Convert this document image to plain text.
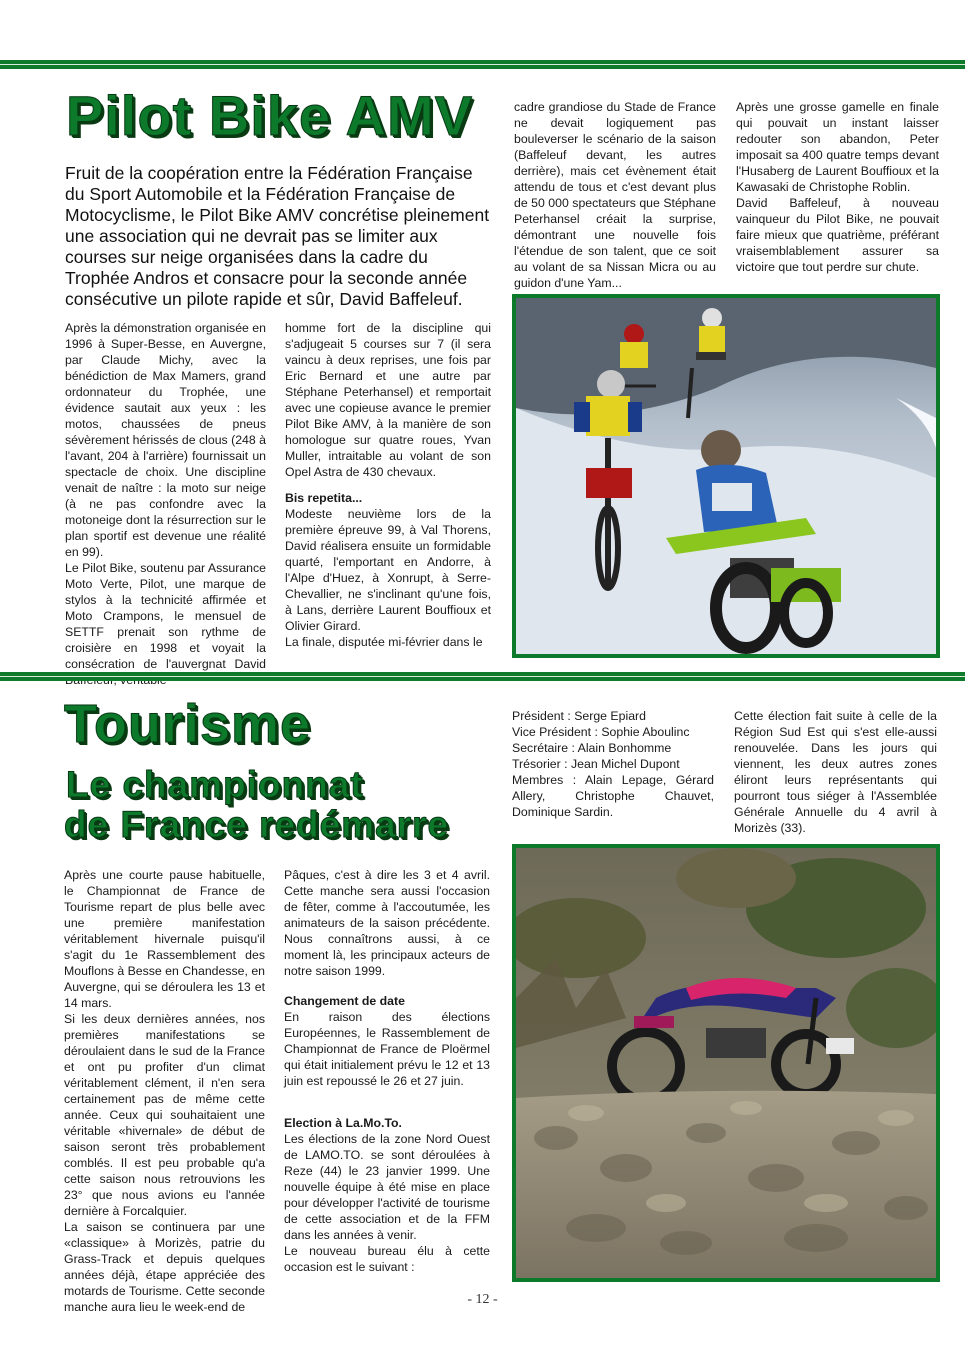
Pilot Bike AMV
Fruit de la coopération entre la Fédération Française du Sport Automobile et la Fédération Française de Motocyclisme, le Pilot Bike AMV concrétise pleinement une association qui ne devrait pas se limiter aux courses sur neige organisées dans la cadre du Trophée Andros et consacre pour la seconde année consécutive un pilote rapide et sûr, David Baffeleuf.

Après la démonstration organisée en 1996 à Super-Besse, en Auvergne, par Claude Michy, avec la bénédiction de Max Mamers, grand ordonnateur du Trophée, une évidence sautait aux yeux : les motos, chaussées de pneus sévèrement hérissés de clous (248 à l'avant, 204 à l'arrière) fournissait un spectacle de choix. Une discipline venait de naître : la moto sur neige (à ne pas confondre avec la motoneige dont la résurrection sur le plan sportif est devenue une réalité en 99).

Le Pilot Bike, soutenu par Assurance Moto Verte, Pilot, une marque de stylos à la technicité affirmée et Moto Crampons, le mensuel de SETTF prenait son rythme de croisière en 1998 et voyait la consécration de l'auvergnat David

homme fort de la discipline qui s'adjugeait 5 courses sur 7 (il sera vaincu à deux reprises, une fois par Eric Bernard et une autre par Stéphane Peterhansel) et remportait avec une copieuse avance le premier Pilot Bike AMV, à la manière de son homologue sur quatre roues, Yvan Muller, intraitable au volant de son Opel Astra de 430 chevaux.

Bis repetita...

Modeste neuvième lors de la première épreuve 99, à Val Thorens, David réalisera ensuite un formidable quarté, l'emportant en Andorre, à l'Alpe d'Huez, à Xonrupt, à Serre-Chevallier, ne s'inclinant qu'une fois, à Lans, derrière Laurent Bouffioux et Olivier Girard.

La finale, disputée mi-février dans le

cadre grandiose du Stade de France ne devait logiquement pas bouleverser le scénario de la saison (Baffeleuf devant, les autres derrière), mais cet évènement était attendu de tous et c'est devant plus de 50 000 spectateurs que Stéphane Peterhansel créait la surprise, démontrant une nouvelle fois l'étendue de son talent, que ce soit au volant de sa Nissan Micra ou au guidon d'une Yam...

Après une grosse gamelle en finale qui pouvait un instant laisser redouter son abandon, Peter imposait sa 400 quatre temps devant l'Husaberg de Laurent Bouffioux et la Kawasaki de Christophe Roblin.

David Baffeleuf, à nouveau vainqueur du Pilot Bike, ne pouvait faire mieux que quatrième, préférant vraisemblablement assurer sa victoire que tout perdre sur chute.

Tourisme
Le championnat
de France redémarre

Après une courte pause habituelle, le Championnat de France de Tourisme repart de plus belle avec une première manifestation véritablement hivernale puisqu'il s'agit du 1e Rassemblement des Mouflons à Besse en Chandesse, en Auvergne, qui se déroulera les 13 et 14 mars.

Si les deux dernières années, nos premières manifestations se déroulaient dans le sud de la France et ont pu profiter d'un climat véritablement clément, il n'en sera certainement pas de même cette année. Ceux qui souhaitaient une véritable «hivernale» de début de saison seront très probablement comblés. Il est peu probable qu'a cette saison nous retrouvions les 23° que nous avions eu l'année dernière à Forcalquier.

La saison se continuera par une «classique» à Morizès, patrie du Grass-Track et depuis quelques années déjà, étape appréciée des motards de Tourisme. Cette seconde manche aura lieu le week-end de

Pâques, c'est à dire les 3 et 4 avril. Cette manche sera aussi l'occasion de fêter, comme à l'accoutumée, les animateurs de la saison précédente. Nous connaîtrons aussi, à ce moment là, les principaux acteurs de notre saison 1999.

Changement de date

En raison des élections Européennes, le Rassemblement de Championnat de France de Ploërmel qui était initialement prévu le 12 et 13 juin est repoussé le 26 et 27 juin.

Election à La.Mo.To.

Les élections de la zone Nord Ouest de LAMO.TO. se sont déroulées à Reze (44) le 23 janvier 1999. Une nouvelle équipe à été mise en place pour développer l'activité de tourisme de cette association et de la FFM dans les années à venir.

Le nouveau bureau élu à cette occasion est le suivant :

Président : Serge Epiard

Vice Président : Sophie Aboulinc

Secrétaire : Alain Bonhomme

Trésorier : Jean Michel Dupont

Membres : Alain Lepage, Gérard Allery, Christophe Chauvet, Dominique Sardin.

Cette élection fait suite à celle de la Région Sud Est qui s'est elle-aussi renouvelée. Dans les jours qui viennent, les deux autres zones éliront leurs représentants qui pourront tous siéger à l'Assemblée Générale Annuelle du 4 avril à Morizès (33).

- 12 -
